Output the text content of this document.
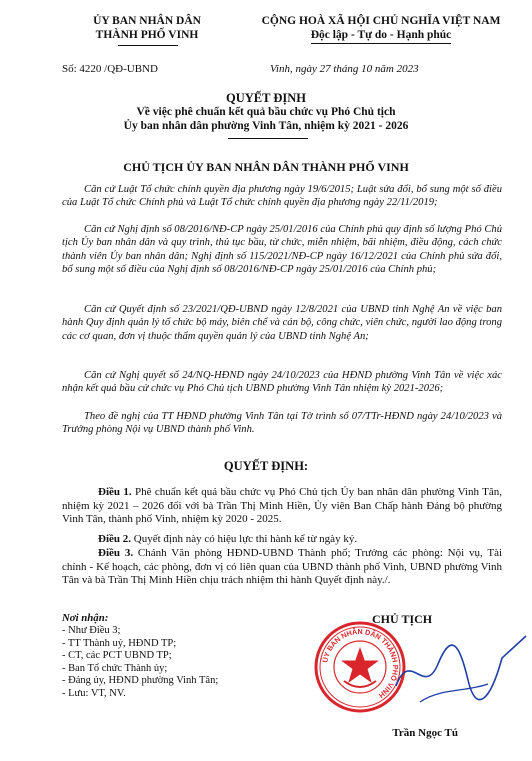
ỦY BAN NHÂN DÂN
THÀNH PHỐ VINH
CỘNG HOÀ XÃ HỘI CHỦ NGHĨA VIỆT NAM
Độc lập - Tự do - Hạnh phúc
Số: 4220 /QĐ-UBND	Vinh, ngày 27 tháng 10 năm 2023
QUYẾT ĐỊNH
Về việc phê chuẩn kết quả bầu chức vụ Phó Chủ tịch
Ủy ban nhân dân phường Vinh Tân, nhiệm kỳ 2021 - 2026
CHỦ TỊCH ỦY BAN NHÂN DÂN THÀNH PHỐ VINH

Căn cứ Luật Tổ chức chính quyền địa phương ngày 19/6/2015; Luật sửa đổi, bổ sung một số điều của Luật Tổ chức Chính phủ và Luật Tổ chức chính quyền địa phương ngày 22/11/2019;

Căn cứ Nghị định số 08/2016/NĐ-CP ngày 25/01/2016 của Chính phủ quy định số lượng Phó Chủ tịch Ủy ban nhân dân và quy trình, thủ tục bầu, từ chức, miễn nhiệm, bãi nhiệm, điều động, cách chức thành viên Ủy ban nhân dân; Nghị định số 115/2021/NĐ-CP ngày 16/12/2021 của Chính phủ sửa đổi, bổ sung một số điều của Nghị định số 08/2016/NĐ-CP ngày 25/01/2016 của Chính phủ;

Căn cứ Quyết định số 23/2021/QĐ-UBND ngày 12/8/2021 của UBND tỉnh Nghệ An về việc ban hành Quy định quản lý tổ chức bộ máy, biên chế và cán bộ, công chức, viên chức, người lao động trong các cơ quan, đơn vị thuộc thẩm quyền quản lý của UBND tỉnh Nghệ An;

Căn cứ Nghị quyết số 24/NQ-HĐND ngày 24/10/2023 của HĐND phường Vinh Tân về việc xác nhận kết quả bầu cử chức vụ Phó Chủ tịch UBND phường Vinh Tân nhiệm kỳ 2021-2026;

Theo đề nghị của TT HĐND phường Vinh Tân tại Tờ trình số 07/TTr-HĐND ngày 24/10/2023 và Trưởng phòng Nội vụ UBND thành phố Vinh.

QUYẾT ĐỊNH:

Điều 1. Phê chuẩn kết quả bầu chức vụ Phó Chủ tịch Ủy ban nhân dân phường Vinh Tân, nhiệm kỳ 2021 – 2026 đối với bà Trần Thị Minh Hiền, Ủy viên Ban Chấp hành Đảng bộ phường Vinh Tân, thành phố Vinh, nhiệm kỳ 2020 - 2025.

Điều 2. Quyết định này có hiệu lực thi hành kể từ ngày ký.

Điều 3. Chánh Văn phòng HĐND-UBND Thành phố; Trưởng các phòng: Nội vụ, Tài chính - Kế hoạch, các phòng, đơn vị có liên quan của UBND thành phố Vinh, UBND phường Vinh Tân và bà Trần Thị Minh Hiền chịu trách nhiệm thi hành Quyết định này./.

Nơi nhận:
- Như Điều 3;
- TT Thành uỷ, HĐND TP;
- CT, các PCT UBND TP;
- Ban Tổ chức Thành ủy;
- Đảng ủy, HĐND phường Vinh Tân;
- Lưu: VT, NV.
CHỦ TỊCH
ỦY BAN NHÂN DÂN THÀNH PHỐ VINH
Trần Ngọc Tú
